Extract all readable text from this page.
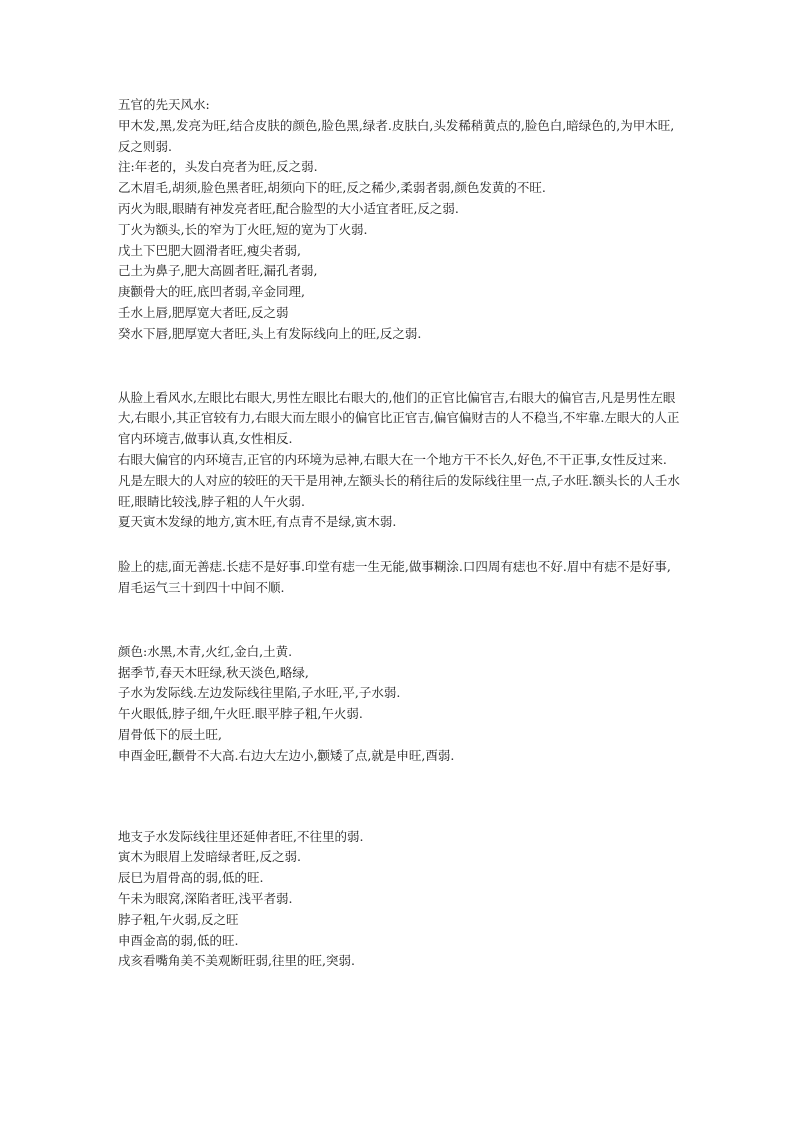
五官的先天风水:
甲木发,黑,发亮为旺,结合皮肤的颜色,脸色黑,绿者.皮肤白,头发稀稍黄点的,脸色白,暗绿色的,为甲木旺,反之则弱.
注:年老的，头发白亮者为旺,反之弱.
乙木眉毛,胡须,脸色黑者旺,胡须向下的旺,反之稀少,柔弱者弱,颜色发黄的不旺.
丙火为眼,眼睛有神发亮者旺,配合脸型的大小适宜者旺,反之弱.
丁火为额头,长的窄为丁火旺,短的宽为丁火弱.
戊土下巴肥大圆滑者旺,瘦尖者弱,
己土为鼻子,肥大高圆者旺,漏孔者弱,
庚颧骨大的旺,底凹者弱,辛金同理,
壬水上唇,肥厚宽大者旺,反之弱
癸水下唇,肥厚宽大者旺,头上有发际线向上的旺,反之弱.
从脸上看风水,左眼比右眼大,男性左眼比右眼大的,他们的正官比偏官吉,右眼大的偏官吉,凡是男性左眼大,右眼小,其正官较有力,右眼大而左眼小的偏官比正官吉,偏官偏财吉的人不稳当,不牢靠.左眼大的人正官内环境吉,做事认真,女性相反.
右眼大偏官的内环境吉,正官的内环境为忌神,右眼大在一个地方干不长久,好色,不干正事,女性反过来.
凡是左眼大的人对应的较旺的天干是用神,左额头长的稍往后的发际线往里一点,子水旺.额头长的人壬水旺,眼睛比较浅,脖子粗的人午火弱.
夏天寅木发绿的地方,寅木旺,有点青不是绿,寅木弱.
脸上的痣,面无善痣.长痣不是好事.印堂有痣一生无能,做事糊涂.口四周有痣也不好.眉中有痣不是好事,眉毛运气三十到四十中间不顺.
颜色:水黑,木青,火红,金白,土黄.
据季节,春天木旺绿,秋天淡色,略绿,
子水为发际线.左边发际线往里陷,子水旺,平,子水弱.
午火眼低,脖子细,午火旺.眼平脖子粗,午火弱.
眉骨低下的辰土旺,
申酉金旺,颧骨不大高.右边大左边小,颧矮了点,就是申旺,酉弱.
地支子水发际线往里还延伸者旺,不往里的弱.
寅木为眼眉上发暗绿者旺,反之弱.
辰巳为眉骨高的弱,低的旺.
午未为眼窝,深陷者旺,浅平者弱.
脖子粗,午火弱,反之旺
申酉金高的弱,低的旺.
戌亥看嘴角美不美观断旺弱,往里的旺,突弱.
